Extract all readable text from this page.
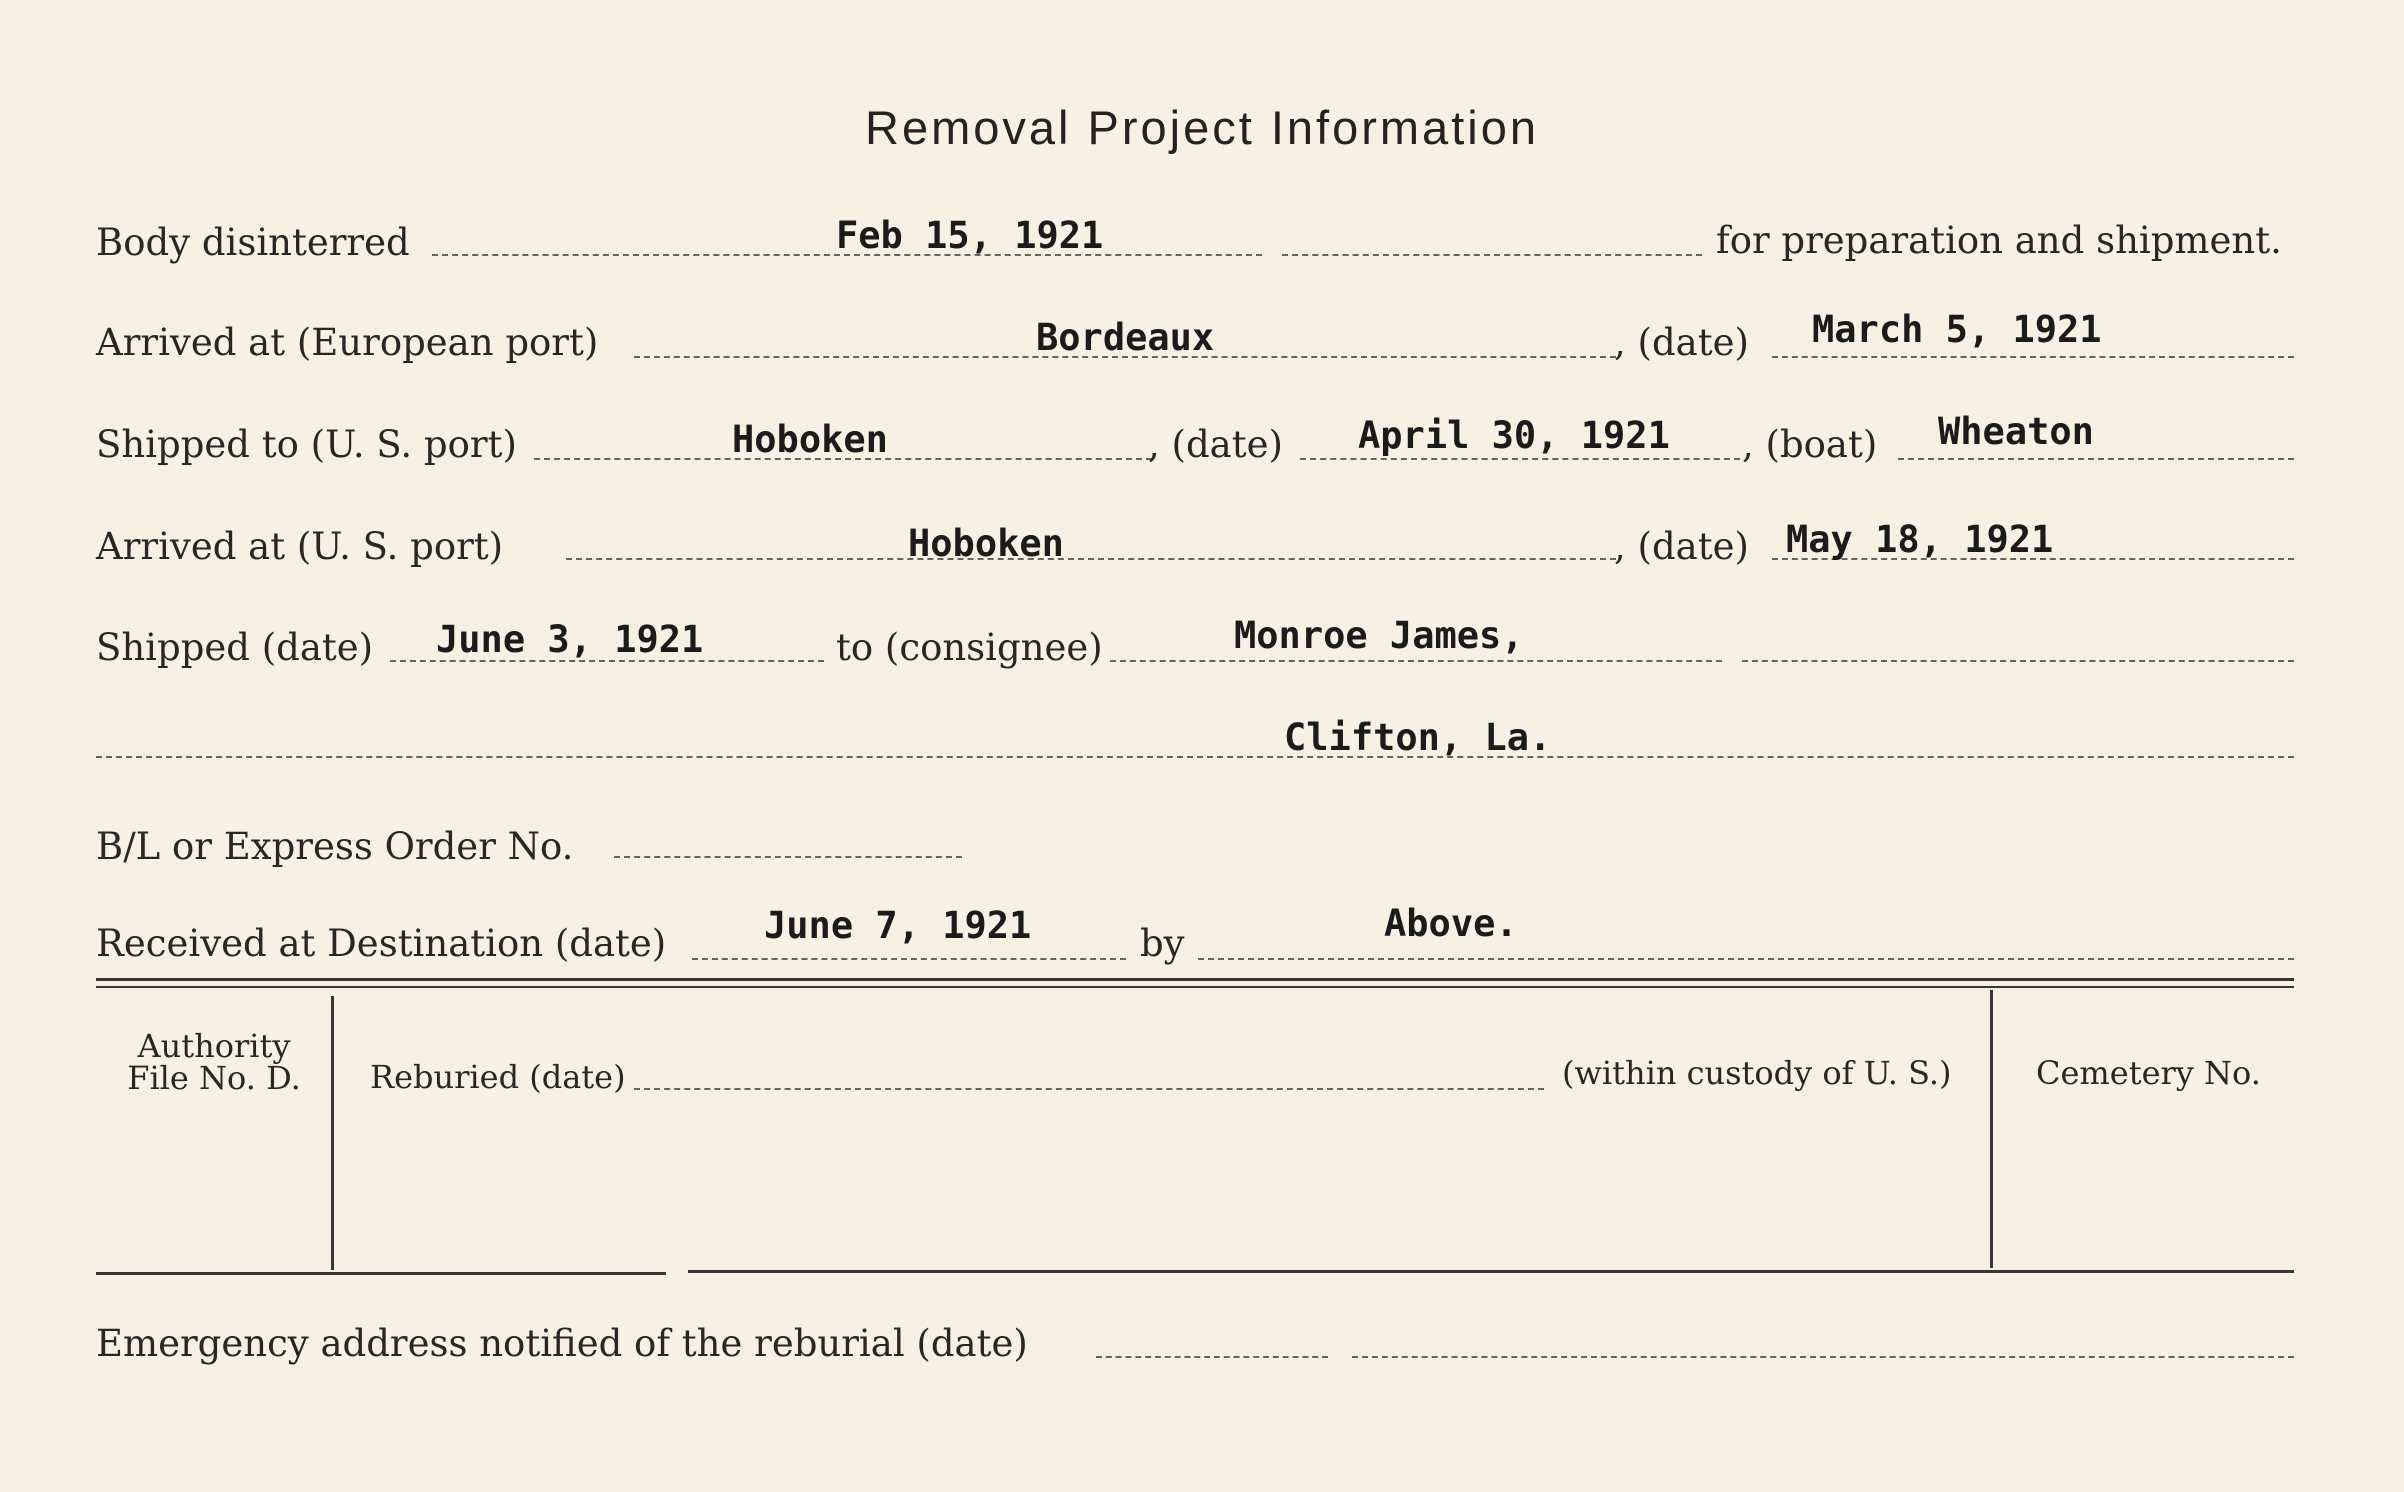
Removal Project Information
Body disinterred	Feb 15, 1921	for preparation and shipment.
Arrived at (European port)	Bordeaux	, (date) March 5, 1921
Shipped to (U. S. port)	Hoboken	, (date) April 30, 1921 , (boat) Wheaton
Arrived at (U. S. port)	Hoboken	, (date) May 18, 1921
Shipped (date) June 3, 1921	to (consignee)	Monroe James,
Clifton, La.
B/L or Express Order No.
Received at Destination (date)	June 7, 1921	by	Above.
Authority
File No. D.	Reburied (date)	(within custody of U. S.)	Cemetery No.
Emergency address notified of the reburial (date)
